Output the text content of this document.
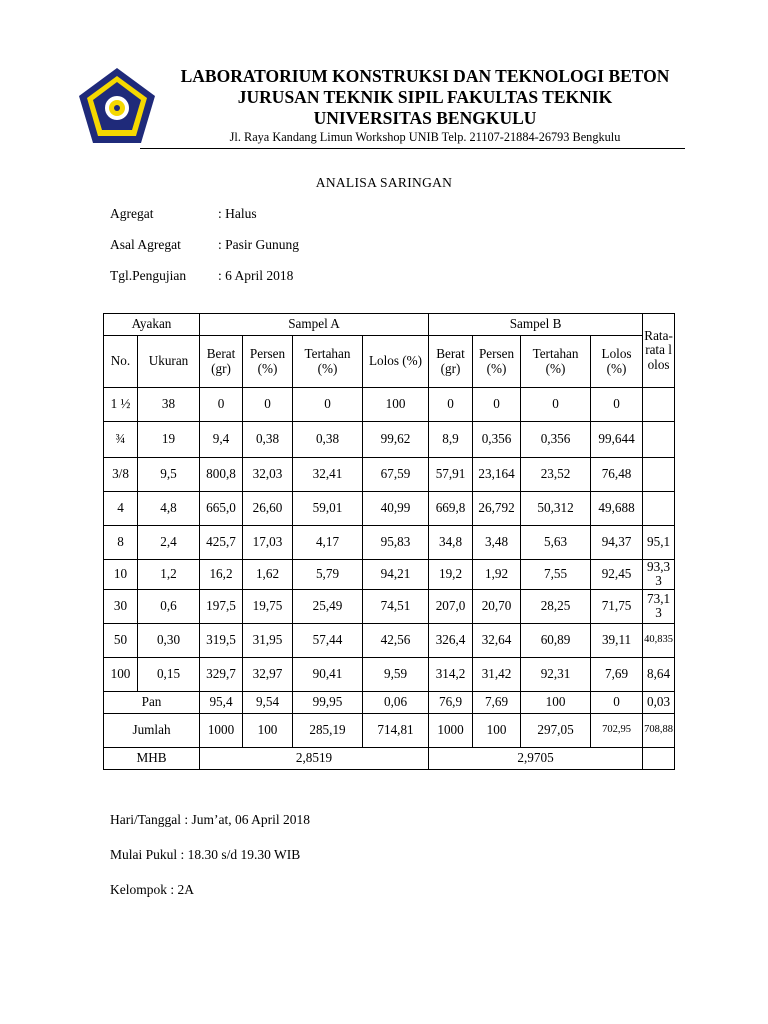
LABORATORIUM KONSTRUKSI DAN TEKNOLOGI BETON
JURUSAN TEKNIK SIPIL FAKULTAS TEKNIK
UNIVERSITAS BENGKULU
Jl. Raya Kandang Limun Workshop UNIB Telp. 21107-21884-26793 Bengkulu
ANALISA SARINGAN
Agregat	: Halus
Asal Agregat	: Pasir Gunung
Tgl.Pengujian : 6 April 2018
Ayakan		Sampel A				Sampel B				Rata-rata lolos
No.	Ukuran	Berat (gr)	Persen (%)	Tertahan (%)	Lolos (%)	Berat (gr)	Persen (%)	Tertahan (%)	Lolos (%)	
1 ½	38	0	0	0	100	0	0	0	0	
¾	19	9,4	0,38	0,38	99,62	8,9	0,356	0,356	99,644	
3/8	9,5	800,8	32,03	32,41	67,59	57,91	23,164	23,52	76,48	
4	4,8	665,0	26,60	59,01	40,99	669,8	26,792	50,312	49,688	
8	2,4	425,7	17,03	4,17	95,83	34,8	3,48	5,63	94,37	95,1
10	1,2	16,2	1,62	5,79	94,21	19,2	1,92	7,55	92,45	93,33
30	0,6	197,5	19,75	25,49	74,51	207,0	20,70	28,25	71,75	73,13
50	0,30	319,5	31,95	57,44	42,56	326,4	32,64	60,89	39,11	40,835
100	0,15	329,7	32,97	90,41	9,59	314,2	31,42	92,31	7,69	8,64
Pan		95,4	9,54	99,95	0,06	76,9	7,69	100	0	0,03
Jumlah		1000	100	285,19	714,81	1000	100	297,05	702,95	708,88
MHB		2,8519				2,9705				
Hari/Tanggal : Jum’at, 06 April 2018
Mulai Pukul : 18.30 s/d 19.30 WIB
Kelompok : 2A
